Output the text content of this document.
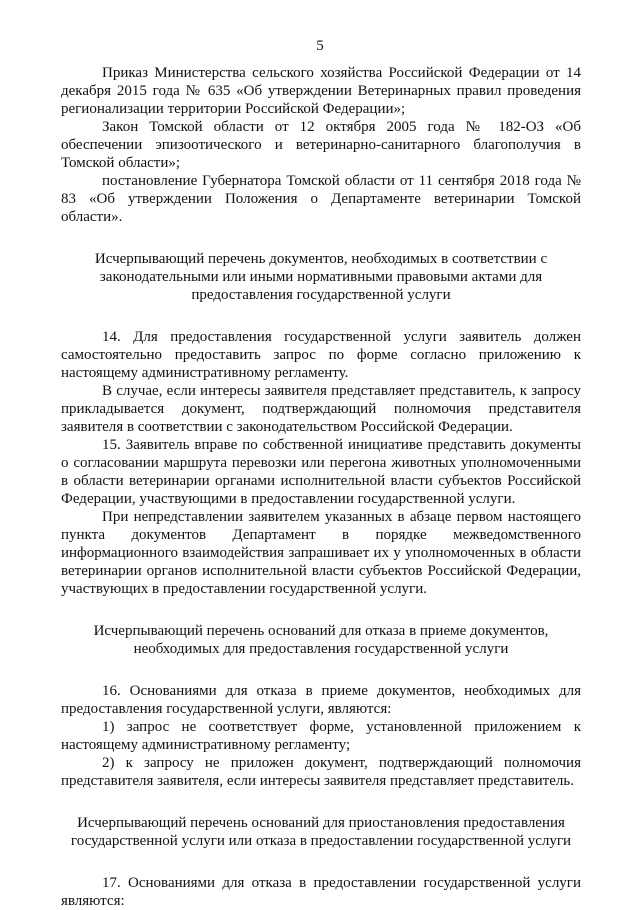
5

Приказ Министерства сельского хозяйства Российской Федерации от 14 декабря 2015 года № 635 «Об утверждении Ветеринарных правил проведения регионализации территории Российской Федерации»;

Закон Томской области от 12 октября 2005 года № 182-ОЗ «Об обеспечении эпизоотического и ветеринарно-санитарного благополучия в Томской области»;

постановление Губернатора Томской области от 11 сентября 2018 года № 83 «Об утверждении Положения о Департаменте ветеринарии Томской области».

Исчерпывающий перечень документов, необходимых в соответствии с законодательными или иными нормативными правовыми актами для предоставления государственной услуги

14. Для предоставления государственной услуги заявитель должен самостоятельно предоставить запрос по форме согласно приложению к настоящему административному регламенту.

В случае, если интересы заявителя представляет представитель, к запросу прикладывается документ, подтверждающий полномочия представителя заявителя в соответствии с законодательством Российской Федерации.

15. Заявитель вправе по собственной инициативе представить документы о согласовании маршрута перевозки или перегона животных уполномоченными в области ветеринарии органами исполнительной власти субъектов Российской Федерации, участвующими в предоставлении государственной услуги.

При непредставлении заявителем указанных в абзаце первом настоящего пункта документов Департамент в порядке межведомственного информационного взаимодействия запрашивает их у уполномоченных в области ветеринарии органов исполнительной власти субъектов Российской Федерации, участвующих в предоставлении государственной услуги.

Исчерпывающий перечень оснований для отказа в приеме документов, необходимых для предоставления государственной услуги

16. Основаниями для отказа в приеме документов, необходимых для предоставления государственной услуги, являются:

1) запрос не соответствует форме, установленной приложением к настоящему административному регламенту;

2) к запросу не приложен документ, подтверждающий полномочия представителя заявителя, если интересы заявителя представляет представитель.

Исчерпывающий перечень оснований для приостановления предоставления государственной услуги или отказа в предоставлении государственной услуги

17. Основаниями для отказа в предоставлении государственной услуги являются:
